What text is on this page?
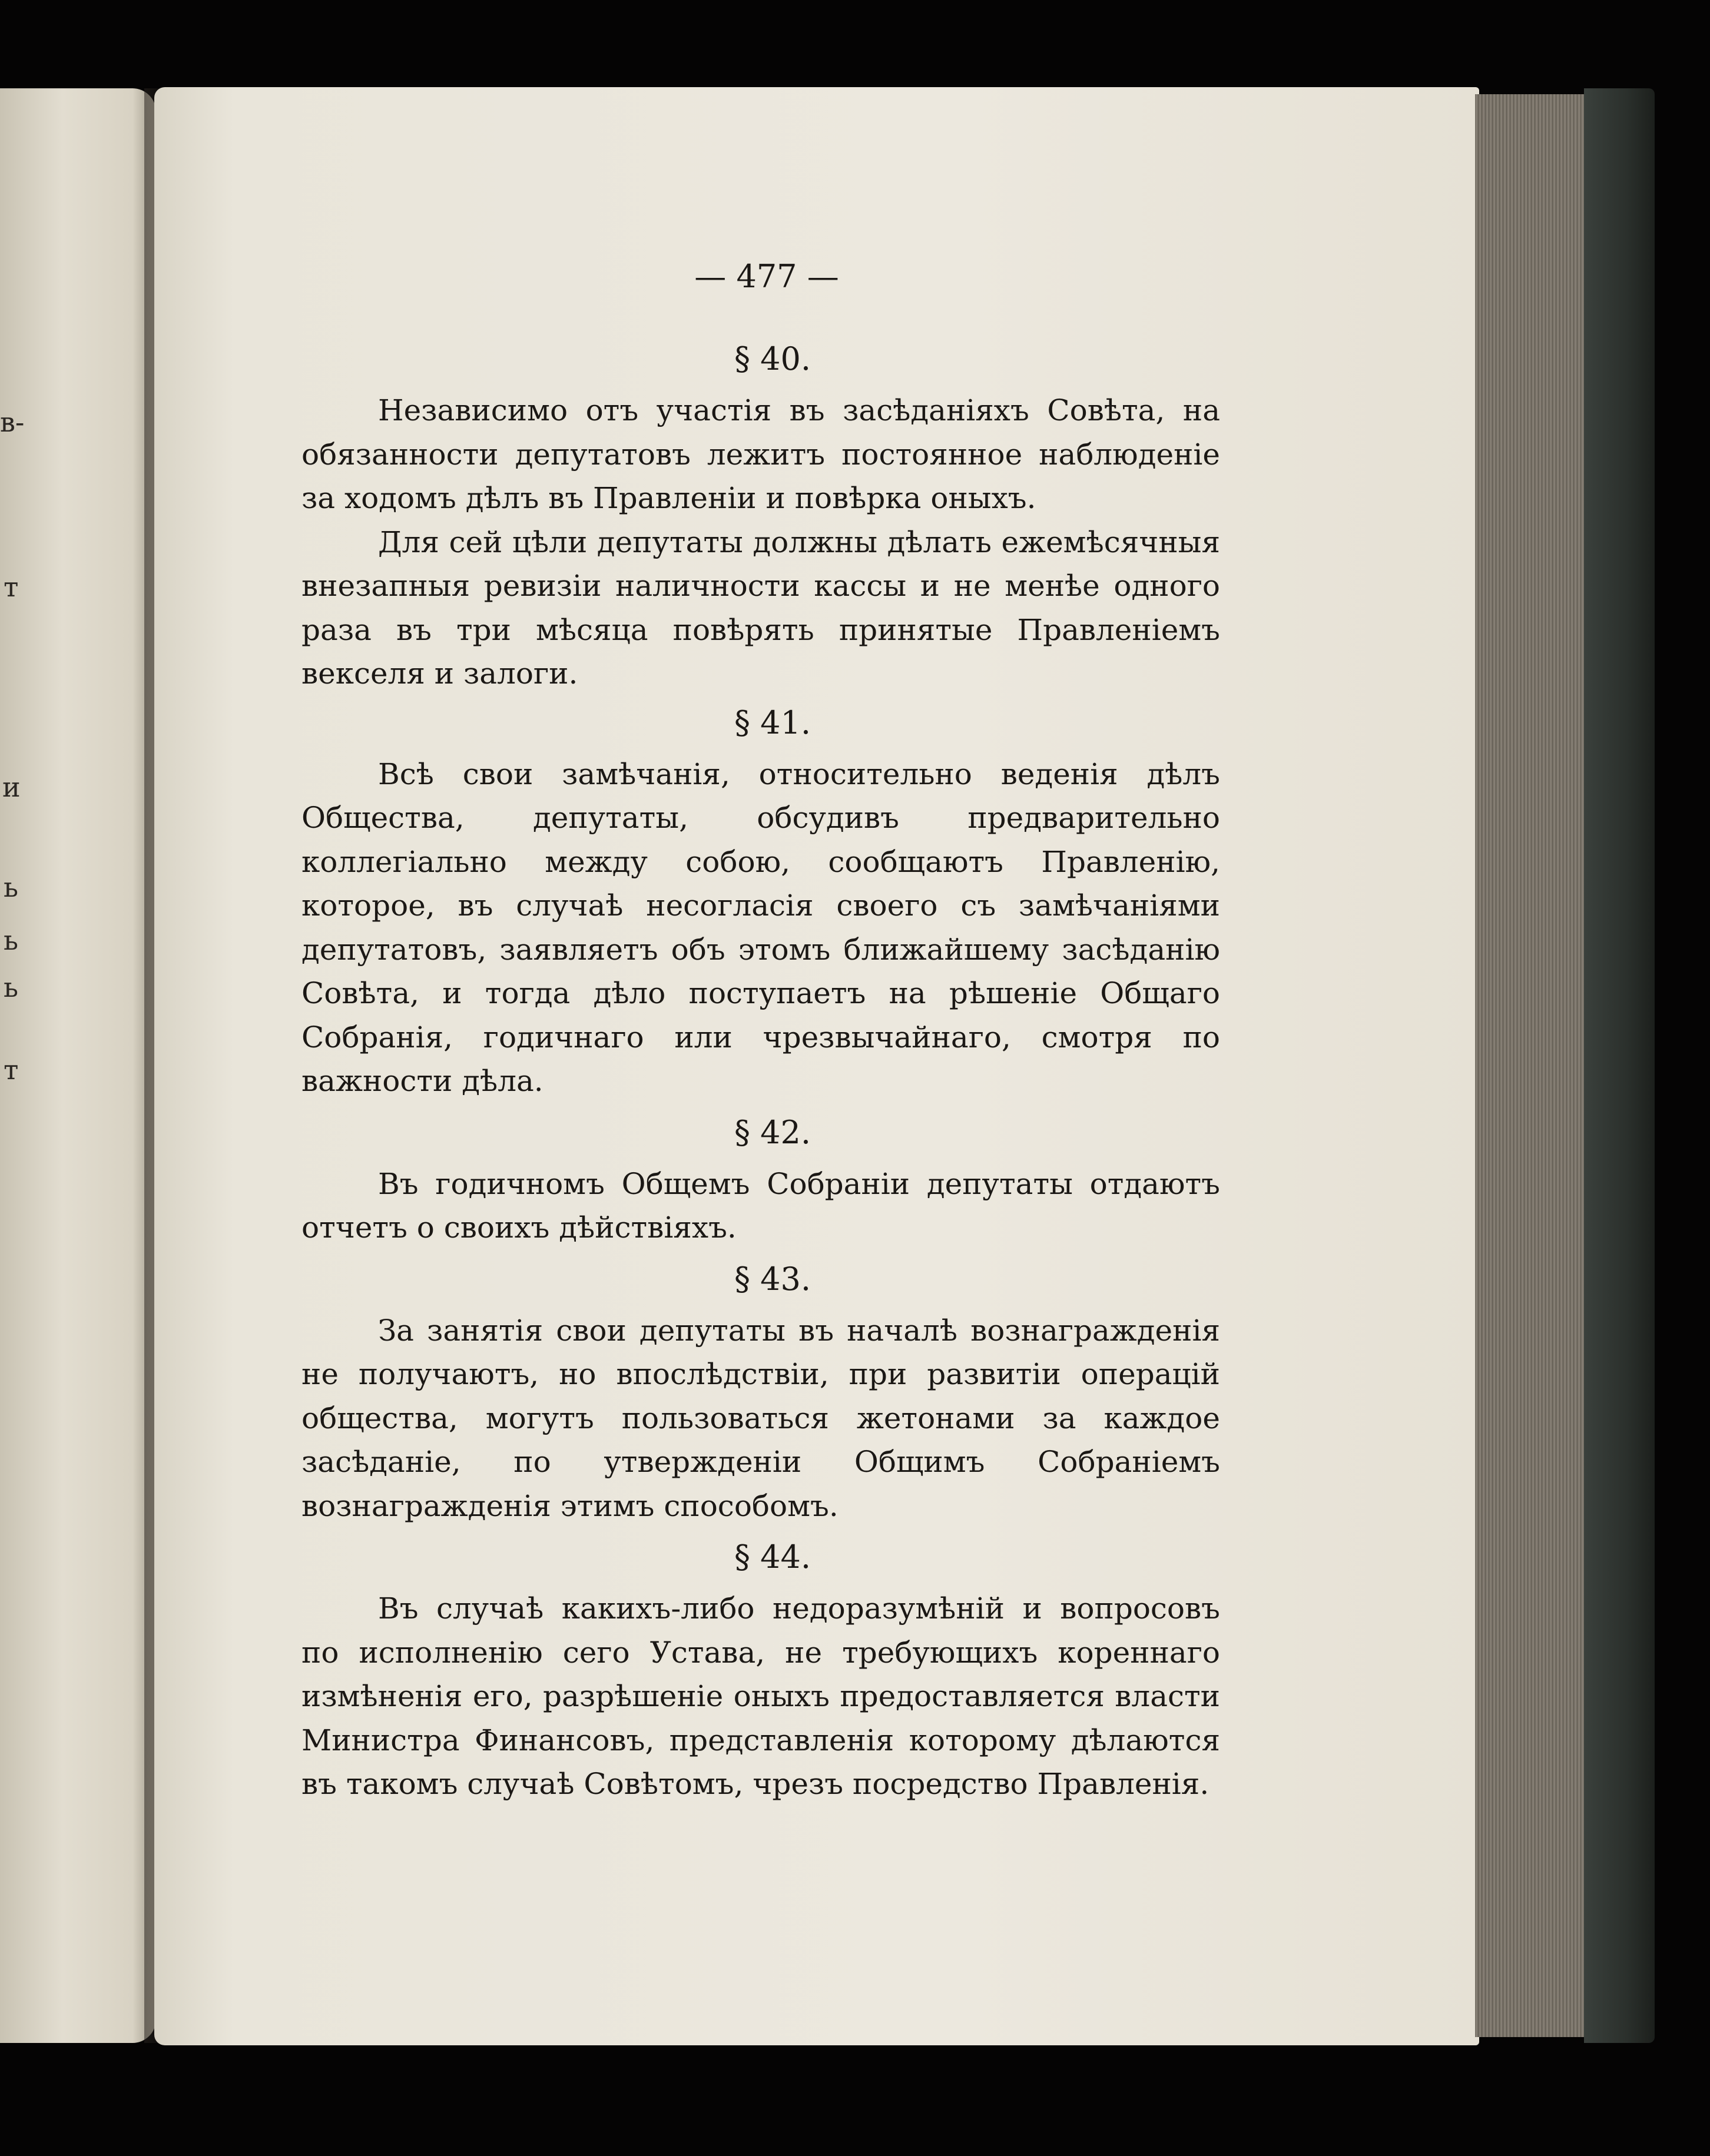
в-
т
и
ь
ь
ь
т
— 477 —
§ 40.

Независимо отъ участія въ засѣданіяхъ Совѣта, на обязанности депутатовъ лежитъ постоянное наблюденіе за ходомъ дѣлъ въ Правленіи и повѣрка оныхъ.

Для сей цѣли депутаты должны дѣлать ежемѣсячныя внезапныя ревизіи наличности кассы и не менѣе одного раза въ три мѣсяца повѣрять принятые Правленіемъ векселя и залоги.

§ 41.

Всѣ свои замѣчанія, относительно веденія дѣлъ Общества, депутаты, обсудивъ предварительно коллегіально между собою, сообщаютъ Правленію, которое, въ случаѣ несогласія своего съ замѣчаніями депутатовъ, заявляетъ объ этомъ ближайшему засѣданію Совѣта, и тогда дѣло поступаетъ на рѣшеніе Общаго Собранія, годичнаго или чрезвычайнаго, смотря по важности дѣла.

§ 42.

Въ годичномъ Общемъ Собраніи депутаты отдаютъ отчетъ о своихъ дѣйствіяхъ.

§ 43.

За занятія свои депутаты въ началѣ вознагражденія не получаютъ, но впослѣдствіи, при развитіи операцій общества, могутъ пользоваться жетонами за каждое засѣданіе, по утвержденіи Общимъ Собраніемъ вознагражденія этимъ способомъ.

§ 44.

Въ случаѣ какихъ-либо недоразумѣній и вопросовъ по исполненію сего Устава, не требующихъ кореннаго измѣненія его, разрѣшеніе оныхъ предоставляется власти Министра Финансовъ, представленія которому дѣлаются въ такомъ случаѣ Совѣтомъ, чрезъ посредство Правленія.
